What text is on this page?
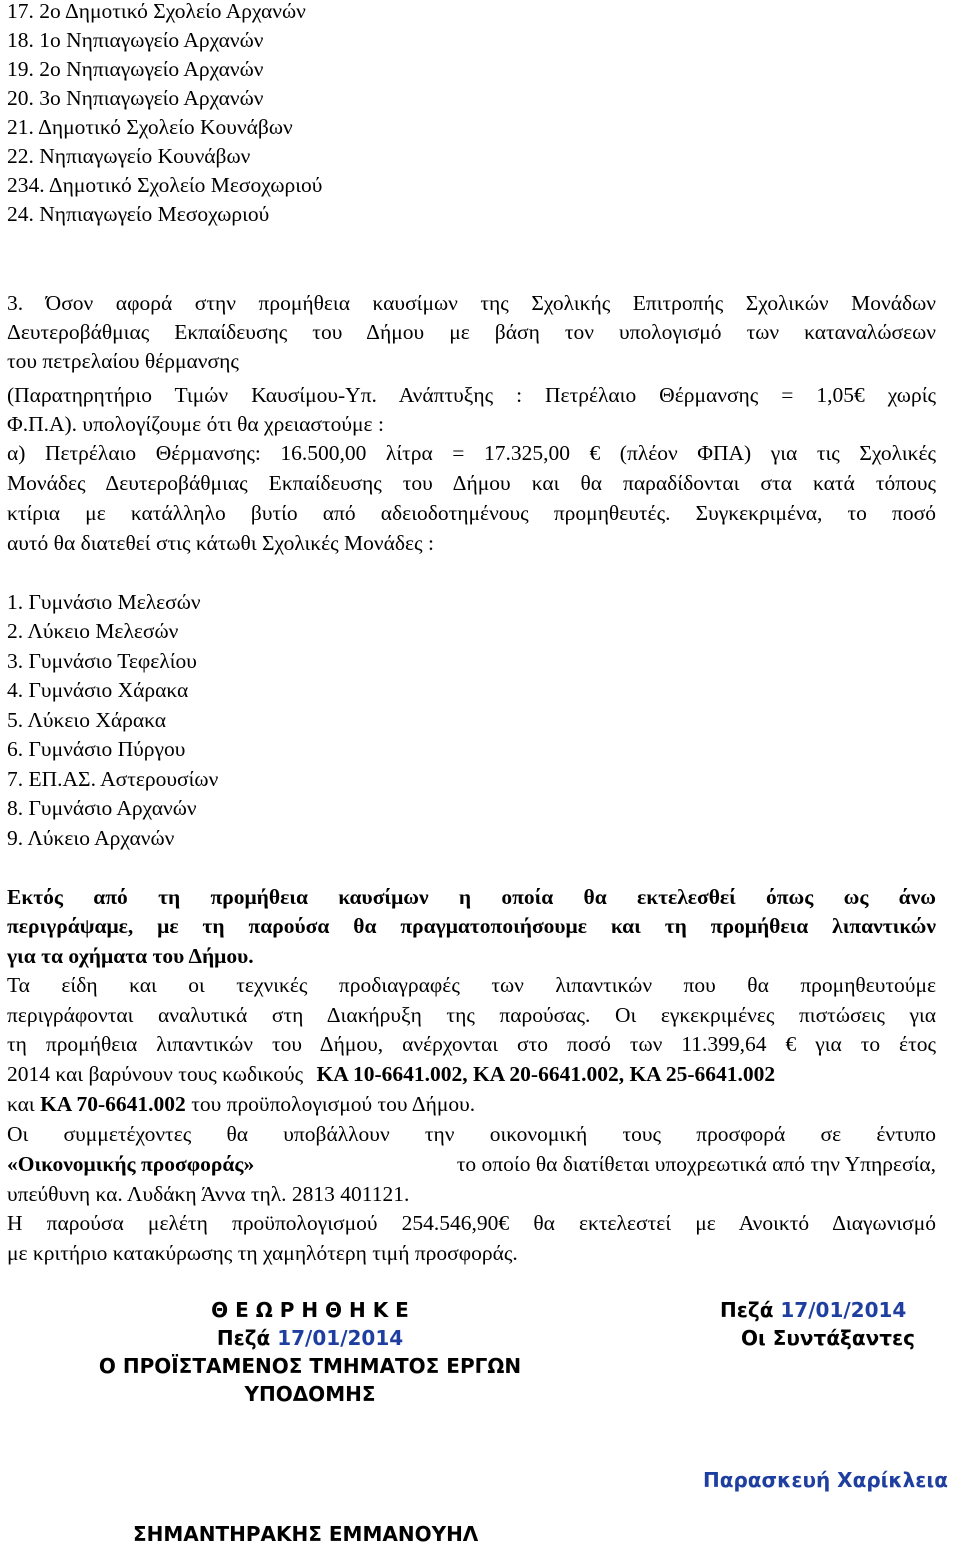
17. 2ο Δημοτικό Σχολείο Αρχανών
18. 1ο Νηπιαγωγείο Αρχανών
19. 2ο Νηπιαγωγείο Αρχανών
20. 3ο Νηπιαγωγείο Αρχανών
21. Δημοτικό Σχολείο Κουνάβων
22. Νηπιαγωγείο Κουνάβων
234. Δημοτικό Σχολείο Μεσοχωριού
24. Νηπιαγωγείο Μεσοχωριού
3. Όσον αφορά στην προμήθεια καυσίμων της Σχολικής Επιτροπής Σχολικών Μονάδων
Δευτεροβάθμιας Εκπαίδευσης του Δήμου με βάση τον υπολογισμό των καταναλώσεων
του πετρελαίου θέρμανσης
(Παρατηρητήριο Τιμών Καυσίμου-Υπ. Ανάπτυξης : Πετρέλαιο Θέρμανσης = 1,05€ χωρίς
Φ.Π.Α). υπολογίζουμε ότι θα χρειαστούμε :
α) Πετρέλαιο Θέρμανσης: 16.500,00 λίτρα = 17.325,00 € (πλέον ΦΠΑ) για τις Σχολικές
Μονάδες Δευτεροβάθμιας Εκπαίδευσης του Δήμου και θα παραδίδονται στα κατά τόπους
κτίρια με κατάλληλο βυτίο από αδειοδοτημένους προμηθευτές. Συγκεκριμένα, το ποσό
αυτό θα διατεθεί στις κάτωθι Σχολικές Μονάδες :
1. Γυμνάσιο Μελεσών
2. Λύκειο Μελεσών
3. Γυμνάσιο Τεφελίου
4. Γυμνάσιο Χάρακα
5. Λύκειο Χάρακα
6. Γυμνάσιο Πύργου
7. ΕΠ.ΑΣ. Αστερουσίων
8. Γυμνάσιο Αρχανών
9. Λύκειο Αρχανών
Εκτός από τη προμήθεια καυσίμων η οποία θα εκτελεσθεί όπως ως άνω
περιγράψαμε, με τη παρούσα θα πραγματοποιήσουμε και τη προμήθεια λιπαντικών
για τα οχήματα του Δήμου.
Τα είδη και οι τεχνικές προδιαγραφές των λιπαντικών που θα προμηθευτούμε
περιγράφονται αναλυτικά στη Διακήρυξη της παρούσας. Οι εγκεκριμένες πιστώσεις για
τη προμήθεια λιπαντικών του Δήμου, ανέρχονται στο ποσό των 11.399,64 € για το έτος
2014 και βαρύνουν τους κωδικούς ΚΑ 10-6641.002, ΚΑ 20-6641.002, ΚΑ 25-6641.002
και ΚΑ 70-6641.002 του προϋπολογισμού του Δήμου.
Οι συμμετέχοντες θα υποβάλλουν την οικονομική τους προσφορά σε έντυπο
«Οικονομικής προσφοράς»	το οποίο θα διατίθεται υποχρεωτικά από την Υπηρεσία,
υπεύθυνη κα. Λυδάκη Άννα τηλ. 2813 401121.
Η παρούσα μελέτη προϋπολογισμού 254.546,90€ θα εκτελεστεί με Ανοικτό Διαγωνισμό
με κριτήριο κατακύρωσης τη χαμηλότερη τιμή προσφοράς.
Θ Ε Ω Ρ Η Θ Η Κ Ε
Πεζά 17/01/2014
Ο ΠΡΟΪΣΤΑΜΕΝΟΣ ΤΜΗΜΑΤΟΣ ΕΡΓΩΝ
ΥΠΟΔΟΜΗΣ
ΣΗΜΑΝΤΗΡΑΚΗΣ ΕΜΜΑΝΟΥΗΛ
Πεζά 17/01/2014
Οι Συντάξαντες
Παρασκευή Χαρίκλεια
